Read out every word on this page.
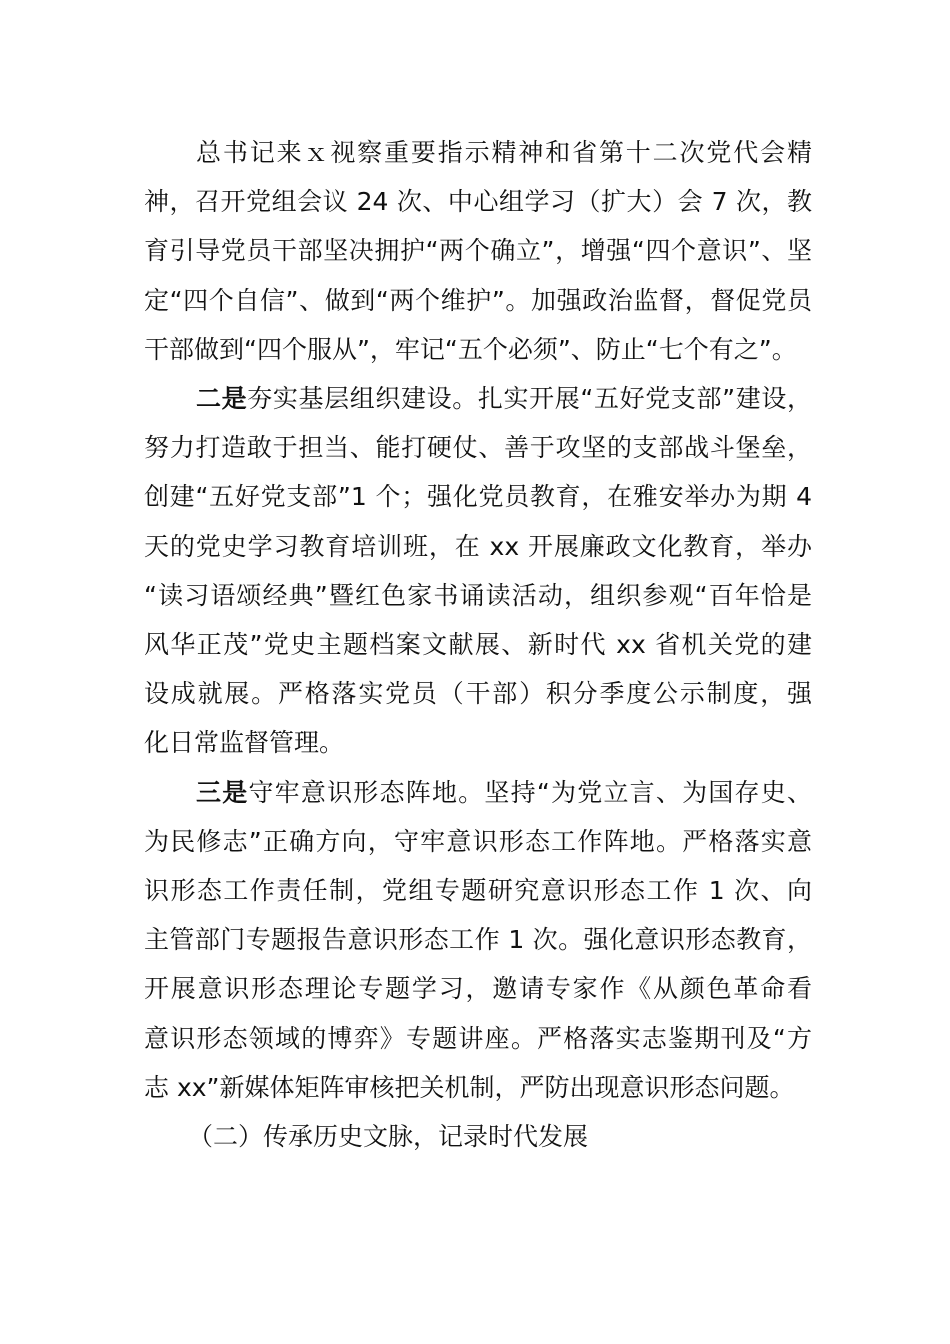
总书记来ｘ视察重要指示精神和省第十二次党代会精
神，召开党组会议 24 次、中心组学习（扩大）会 7 次，教
育引导党员干部坚决拥护“两个确立”，增强“四个意识”、坚
定“四个自信”、做到“两个维护”。加强政治监督，督促党员
干部做到“四个服从”，牢记“五个必须”、防止“七个有之”。

二是夯实基层组织建设。扎实开展“五好党支部”建设，
努力打造敢于担当、能打硬仗、善于攻坚的支部战斗堡垒，
创建“五好党支部”1 个；强化党员教育，在雅安举办为期 4
天的党史学习教育培训班，在 xx 开展廉政文化教育，举办
“读习语颂经典”暨红色家书诵读活动，组织参观“百年恰是
风华正茂”党史主题档案文献展、新时代 xx 省机关党的建
设成就展。严格落实党员（干部）积分季度公示制度，强
化日常监督管理。

三是守牢意识形态阵地。坚持“为党立言、为国存史、
为民修志”正确方向，守牢意识形态工作阵地。严格落实意
识形态工作责任制，党组专题研究意识形态工作 1 次、向
主管部门专题报告意识形态工作 1 次。强化意识形态教育，
开展意识形态理论专题学习，邀请专家作《从颜色革命看
意识形态领域的博弈》专题讲座。严格落实志鉴期刊及“方
志 xx”新媒体矩阵审核把关机制，严防出现意识形态问题。

（二）传承历史文脉，记录时代发展
